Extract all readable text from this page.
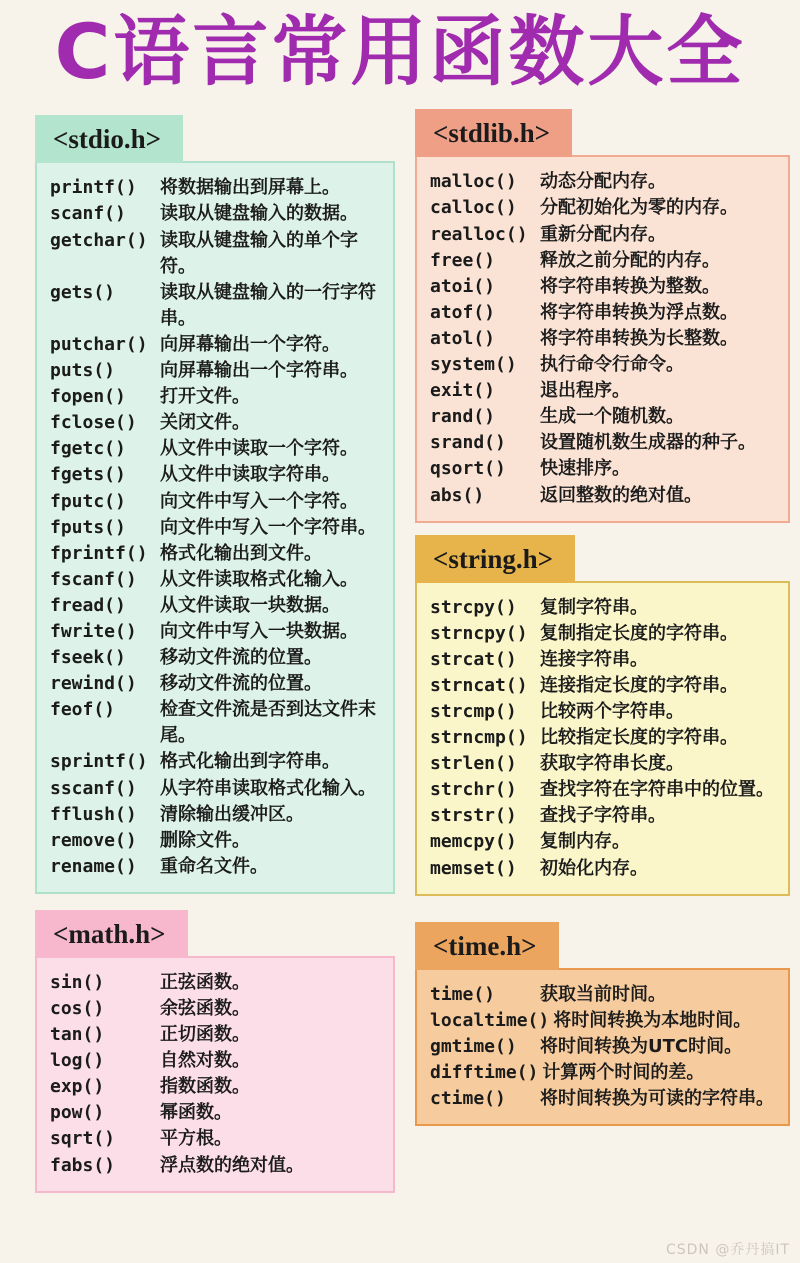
C语言常用函数大全
<stdio.h>
printf()	将数据输出到屏幕上。
scanf()	读取从键盘输入的数据。
getchar() 读取从键盘输入的单个字符。
gets()	读取从键盘输入的一行字符串。
putchar() 向屏幕输出一个字符。
puts()	向屏幕输出一个字符串。
fopen()	打开文件。
fclose()	关闭文件。
fgetc()	从文件中读取一个字符。
fgets()	从文件中读取字符串。
fputc()	向文件中写入一个字符。
fputs()	向文件中写入一个字符串。
fprintf() 格式化输出到文件。
fscanf()	从文件读取格式化输入。
fread()	从文件读取一块数据。
fwrite()	向文件中写入一块数据。
fseek()	移动文件流的位置。
rewind()	移动文件流的位置。
feof()	检查文件流是否到达文件末尾。
sprintf() 格式化输出到字符串。
sscanf()	从字符串读取格式化输入。
fflush()	清除输出缓冲区。
remove()	删除文件。
rename()	重命名文件。
<math.h>
sin()	正弦函数。
cos()	余弦函数。
tan()	正切函数。
log()	自然对数。
exp()	指数函数。
pow()	幂函数。
sqrt()	平方根。
fabs()	浮点数的绝对值。
<stdlib.h>
malloc()	动态分配内存。
calloc()	分配初始化为零的内存。
realloc() 重新分配内存。
free()	释放之前分配的内存。
atoi()	将字符串转换为整数。
atof()	将字符串转换为浮点数。
atol()	将字符串转换为长整数。
system()	执行命令行命令。
exit()	退出程序。
rand()	生成一个随机数。
srand()	设置随机数生成器的种子。
qsort()	快速排序。
abs()	返回整数的绝对值。
<string.h>
strcpy()	复制字符串。
strncpy() 复制指定长度的字符串。
strcat()	连接字符串。
strncat() 连接指定长度的字符串。
strcmp()	比较两个字符串。
strncmp() 比较指定长度的字符串。
strlen()	获取字符串长度。
strchr()	查找字符在字符串中的位置。
strstr()	查找子字符串。
memcpy()	复制内存。
memset()	初始化内存。
<time.h>
time()	获取当前时间。
localtime() 将时间转换为本地时间。
gmtime()	将时间转换为UTC时间。
difftime() 计算两个时间的差。
ctime()	将时间转换为可读的字符串。
CSDN @乔丹搞IT
